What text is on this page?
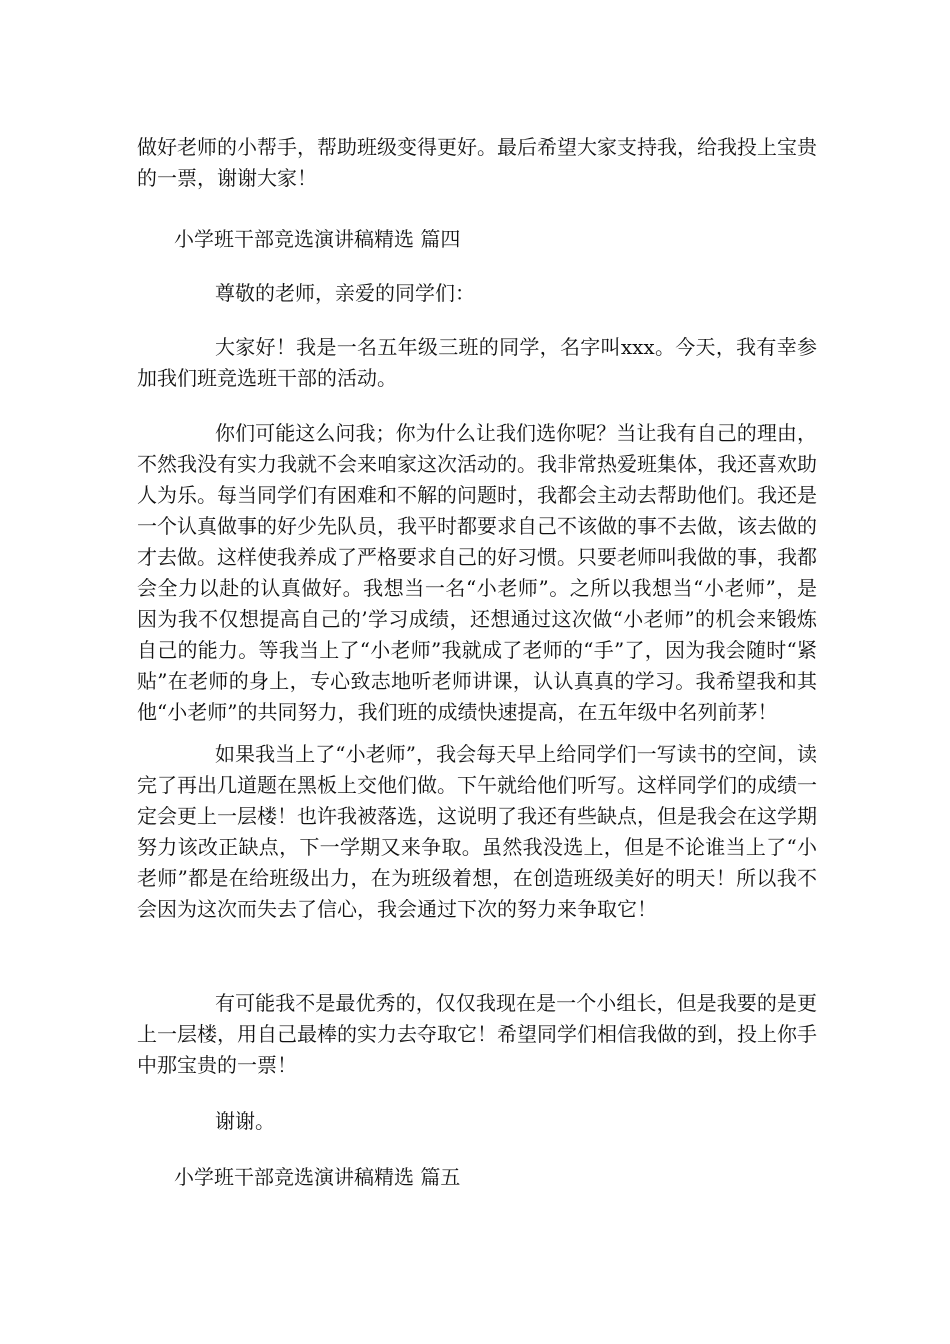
做好老师的小帮手，帮助班级变得更好。最后希望大家支持我，给我投上宝贵的一票，谢谢大家！

小学班干部竞选演讲稿精选 篇四

尊敬的老师，亲爱的同学们：

大家好！我是一名五年级三班的同学，名字叫xxx。今天，我有幸参加我们班竞选班干部的活动。

你们可能这么问我；你为什么让我们选你呢？当让我有自己的理由，不然我没有实力我就不会来咱家这次活动的。我非常热爱班集体，我还喜欢助人为乐。每当同学们有困难和不解的问题时，我都会主动去帮助他们。我还是一个认真做事的好少先队员，我平时都要求自己不该做的事不去做，该去做的才去做。这样使我养成了严格要求自己的好习惯。只要老师叫我做的事，我都会全力以赴的认真做好。我想当一名“小老师”。之所以我想当“小老师”，是因为我不仅想提高自己的’学习成绩，还想通过这次做“小老师”的机会来锻炼自己的能力。等我当上了“小老师”我就成了老师的“手”了，因为我会随时“紧贴”在老师的身上，专心致志地听老师讲课，认认真真的学习。我希望我和其他“小老师”的共同努力，我们班的成绩快速提高，在五年级中名列前茅！

如果我当上了“小老师”，我会每天早上给同学们一写读书的空间，读完了再出几道题在黑板上交他们做。下午就给他们听写。这样同学们的成绩一定会更上一层楼！也许我被落选，这说明了我还有些缺点，但是我会在这学期努力该改正缺点，下一学期又来争取。虽然我没选上，但是不论谁当上了“小老师”都是在给班级出力，在为班级着想，在创造班级美好的明天！所以我不会因为这次而失去了信心，我会通过下次的努力来争取它！

有可能我不是最优秀的，仅仅我现在是一个小组长，但是我要的是更上一层楼，用自己最棒的实力去夺取它！希望同学们相信我做的到，投上你手中那宝贵的一票！

谢谢。

小学班干部竞选演讲稿精选 篇五
